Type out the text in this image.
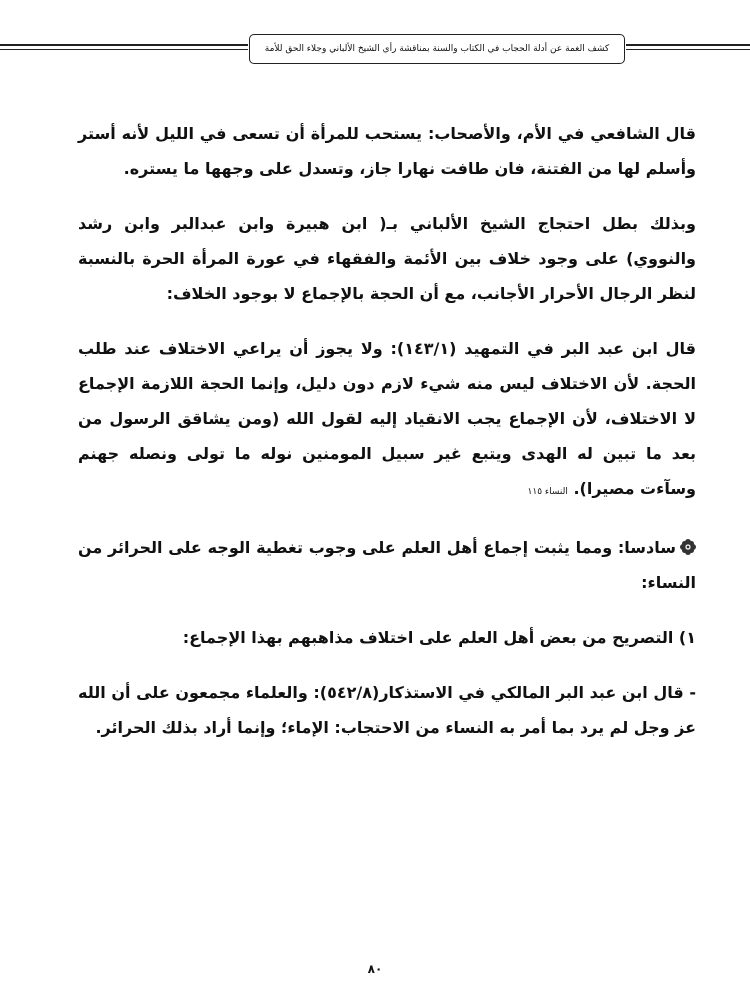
كشف الغمة عن أدلة الحجاب في الكتاب والسنة بمناقشة رأي الشيخ الألباني وجلاء الحق للأمة

قال الشافعي في الأم، والأصحاب: يستحب للمرأة أن تسعى في الليل لأنه أستر وأسلم لها من الفتنة، فان طافت نهارا جاز، وتسدل على وجهها ما يستره.

وبذلك بطل احتجاج الشيخ الألباني بـ( ابن هبيرة وابن عبدالبر وابن رشد والنووي) على وجود خلاف بين الأئمة والفقهاء في عورة المرأة الحرة بالنسبة لنظر الرجال الأحرار الأجانب، مع أن الحجة بالإجماع لا بوجود الخلاف:

قال ابن عبد البر في التمهيد (١٤٣/١): ولا يجوز أن يراعي الاختلاف عند طلب الحجة. لأن الاختلاف ليس منه شيء لازم دون دليل، وإنما الحجة اللازمة الإجماع لا الاختلاف، لأن الإجماع يجب الانقياد إليه لقول الله (ومن يشاقق الرسول من بعد ما تبين له الهدى ويتبع غير سبيل المومنين نوله ما تولى ونصله جهنم وسآءت مصيرا). النساء ١١٥

سادسا: ومما يثبت إجماع أهل العلم على وجوب تغطية الوجه على الحرائر من النساء:

١) التصريح من بعض أهل العلم على اختلاف مذاهبهم بهذا الإجماع:

- قال ابن عبد البر المالكي في الاستذكار(٥٤٢/٨): والعلماء مجمعون على أن الله عز وجل لم يرد بما أمر به النساء من الاحتجاب: الإماء؛ وإنما أراد بذلك الحرائر.

٨٠
